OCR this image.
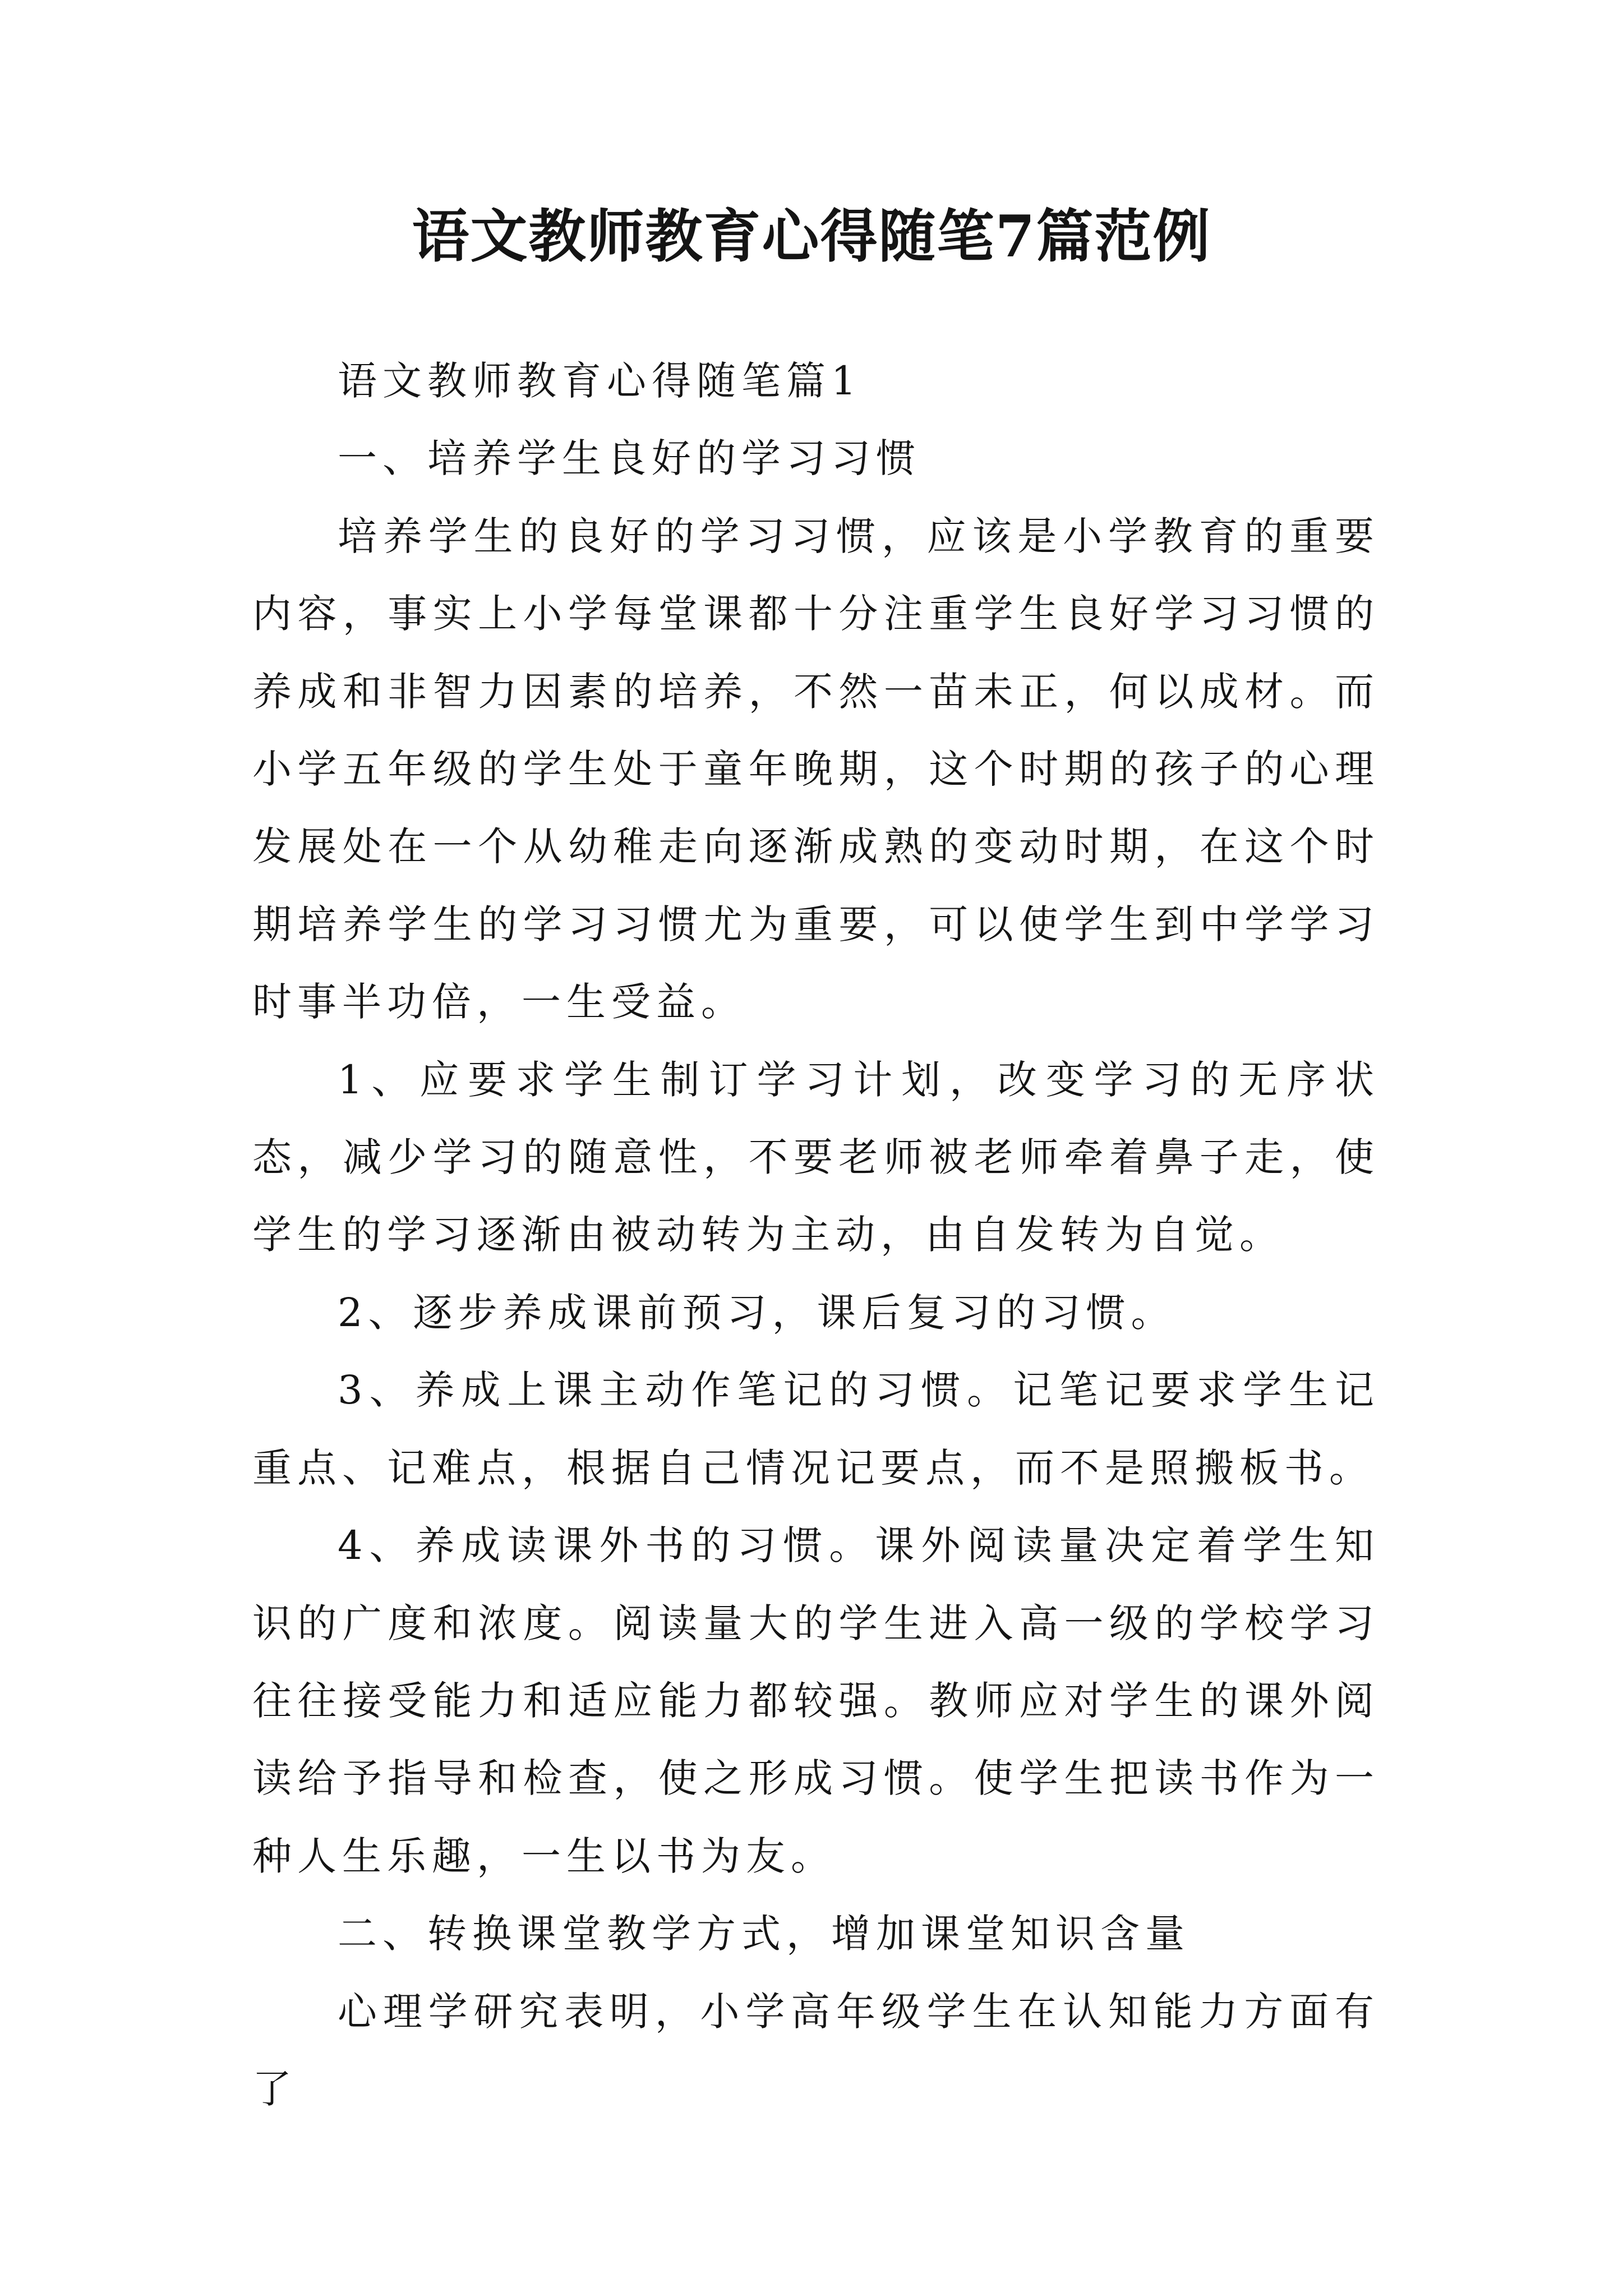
语文教师教育心得随笔7篇范例

语文教师教育心得随笔篇1

一、培养学生良好的学习习惯

培养学生的良好的学习习惯，应该是小学教育的重要内容，事实上小学每堂课都十分注重学生良好学习习惯的养成和非智力因素的培养，不然一苗未正，何以成材。而小学五年级的学生处于童年晚期，这个时期的孩子的心理发展处在一个从幼稚走向逐渐成熟的变动时期，在这个时期培养学生的学习习惯尤为重要，可以使学生到中学学习时事半功倍，一生受益。

1、应要求学生制订学习计划，改变学习的无序状态，减少学习的随意性，不要老师被老师牵着鼻子走，使学生的学习逐渐由被动转为主动，由自发转为自觉。

2、逐步养成课前预习，课后复习的习惯。

3、养成上课主动作笔记的习惯。记笔记要求学生记重点、记难点，根据自己情况记要点，而不是照搬板书。

4、养成读课外书的习惯。课外阅读量决定着学生知识的广度和浓度。阅读量大的学生进入高一级的学校学习往往接受能力和适应能力都较强。教师应对学生的课外阅读给予指导和检查，使之形成习惯。使学生把读书作为一种人生乐趣，一生以书为友。

二、转换课堂教学方式，增加课堂知识含量

心理学研究表明，小学高年级学生在认知能力方面有了
